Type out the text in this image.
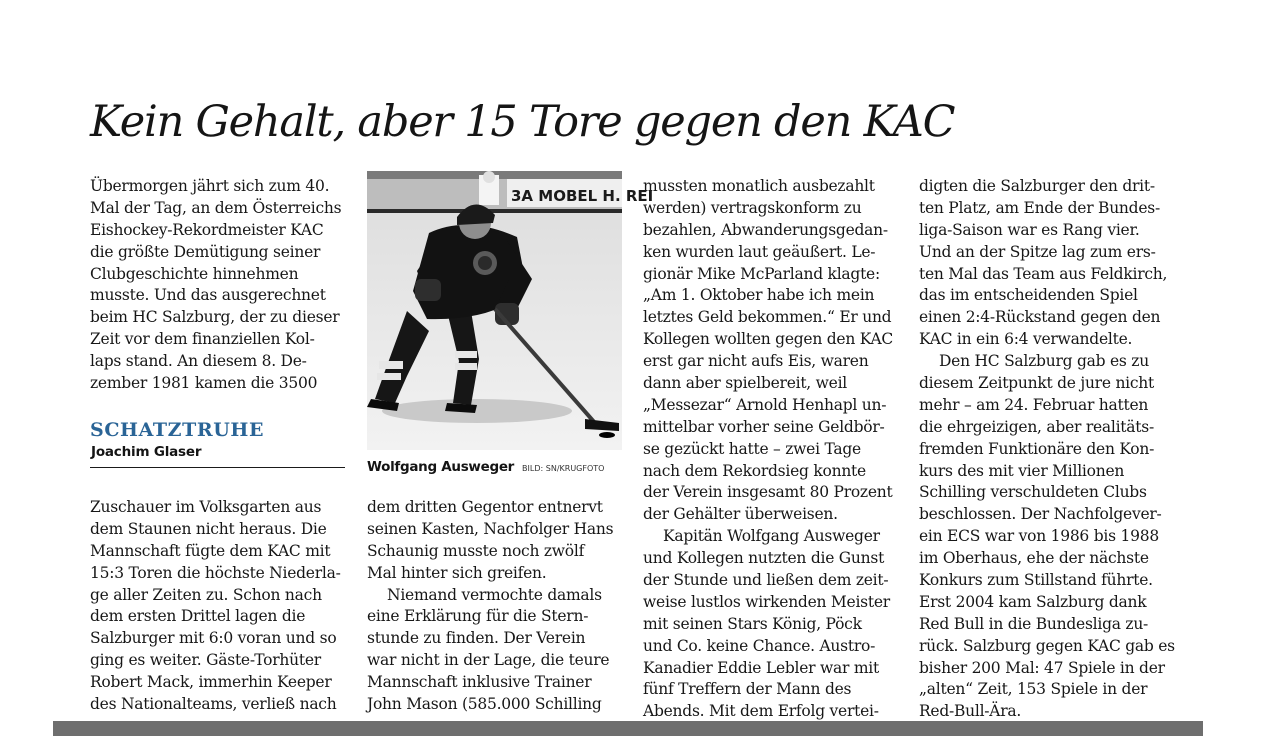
Kein Gehalt, aber 15 Tore gegen den KAC
Übermorgen jährt sich zum 40.
Mal der Tag, an dem Österreichs
Eishockey-Rekordmeister KAC
die größte Demütigung seiner
Clubgeschichte hinnehmen
musste. Und das ausgerechnet
beim HC Salzburg, der zu dieser
Zeit vor dem finanziellen Kol-
laps stand. An diesem 8. De-
zember 1981 kamen die 3500
SCHATZTRUHE
Joachim Glaser
Zuschauer im Volksgarten aus
dem Staunen nicht heraus. Die
Mannschaft fügte dem KAC mit
15:3 Toren die höchste Niederla-
ge aller Zeiten zu. Schon nach
dem ersten Drittel lagen die
Salzburger mit 6:0 voran und so
ging es weiter. Gäste-Torhüter
Robert Mack, immerhin Keeper
des Nationalteams, verließ nach
3A MOBEL H. REI
Wolfgang Ausweger BILD: SN/KRUGFOTO
dem dritten Gegentor entnervt
seinen Kasten, Nachfolger Hans
Schaunig musste noch zwölf
Mal hinter sich greifen.
Niemand vermochte damals
eine Erklärung für die Stern-
stunde zu finden. Der Verein
war nicht in der Lage, die teure
Mannschaft inklusive Trainer
John Mason (585.000 Schilling
mussten monatlich ausbezahlt
werden) vertragskonform zu
bezahlen, Abwanderungsgedan-
ken wurden laut geäußert. Le-
gionär Mike McParland klagte:
„Am 1. Oktober habe ich mein
letztes Geld bekommen.“ Er und
Kollegen wollten gegen den KAC
erst gar nicht aufs Eis, waren
dann aber spielbereit, weil
„Messezar“ Arnold Henhapl un-
mittelbar vorher seine Geldbör-
se gezückt hatte – zwei Tage
nach dem Rekordsieg konnte
der Verein insgesamt 80 Prozent
der Gehälter überweisen.
Kapitän Wolfgang Ausweger
und Kollegen nutzten die Gunst
der Stunde und ließen dem zeit-
weise lustlos wirkenden Meister
mit seinen Stars König, Pöck
und Co. keine Chance. Austro-
Kanadier Eddie Lebler war mit
fünf Treffern der Mann des
Abends. Mit dem Erfolg vertei-
digten die Salzburger den drit-
ten Platz, am Ende der Bundes-
liga-Saison war es Rang vier.
Und an der Spitze lag zum ers-
ten Mal das Team aus Feldkirch,
das im entscheidenden Spiel
einen 2:4-Rückstand gegen den
KAC in ein 6:4 verwandelte.
Den HC Salzburg gab es zu
diesem Zeitpunkt de jure nicht
mehr – am 24. Februar hatten
die ehrgeizigen, aber realitäts-
fremden Funktionäre den Kon-
kurs des mit vier Millionen
Schilling verschuldeten Clubs
beschlossen. Der Nachfolgever-
ein ECS war von 1986 bis 1988
im Oberhaus, ehe der nächste
Konkurs zum Stillstand führte.
Erst 2004 kam Salzburg dank
Red Bull in die Bundesliga zu-
rück. Salzburg gegen KAC gab es
bisher 200 Mal: 47 Spiele in der
„alten“ Zeit, 153 Spiele in der
Red-Bull-Ära.
